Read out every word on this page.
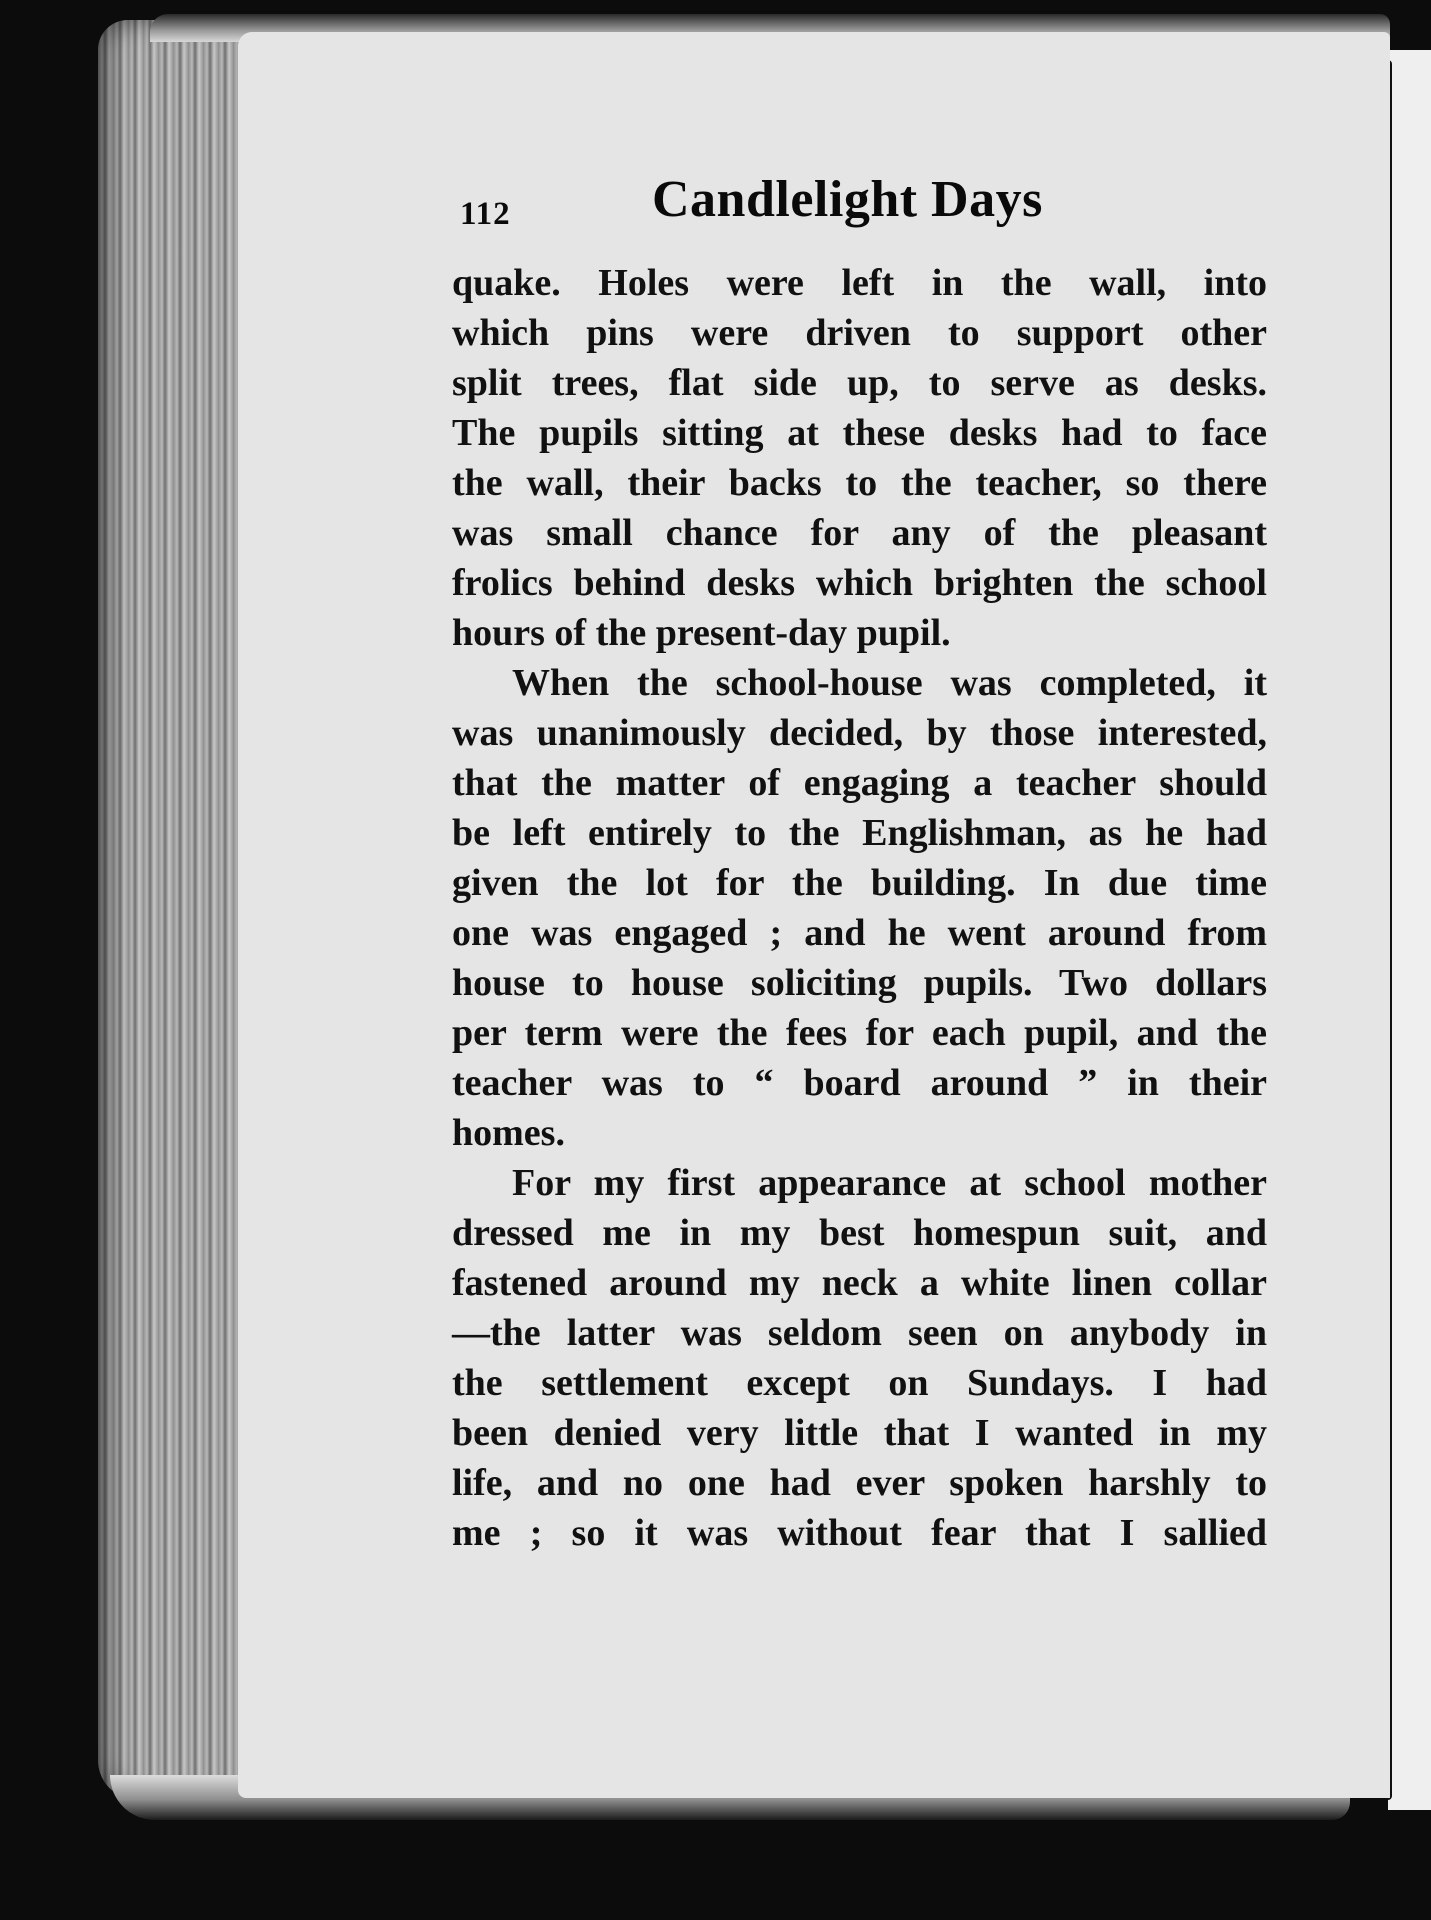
112	Candlelight Days
quake. Holes were left in the wall, into
which pins were driven to support other
split trees, flat side up, to serve as desks.
The pupils sitting at these desks had to face
the wall, their backs to the teacher, so there
was small chance for any of the pleasant
frolics behind desks which brighten the school
hours of the present-day pupil.
When the school-house was completed, it
was unanimously decided, by those interested,
that the matter of engaging a teacher should
be left entirely to the Englishman, as he had
given the lot for the building. In due time
one was engaged ; and he went around from
house to house soliciting pupils. Two dollars
per term were the fees for each pupil, and the
teacher was to “ board around ” in their
homes.
For my first appearance at school mother
dressed me in my best homespun suit, and
fastened around my neck a white linen collar
—the latter was seldom seen on anybody in
the settlement except on Sundays. I had
been denied very little that I wanted in my
life, and no one had ever spoken harshly to
me ; so it was without fear that I sallied
